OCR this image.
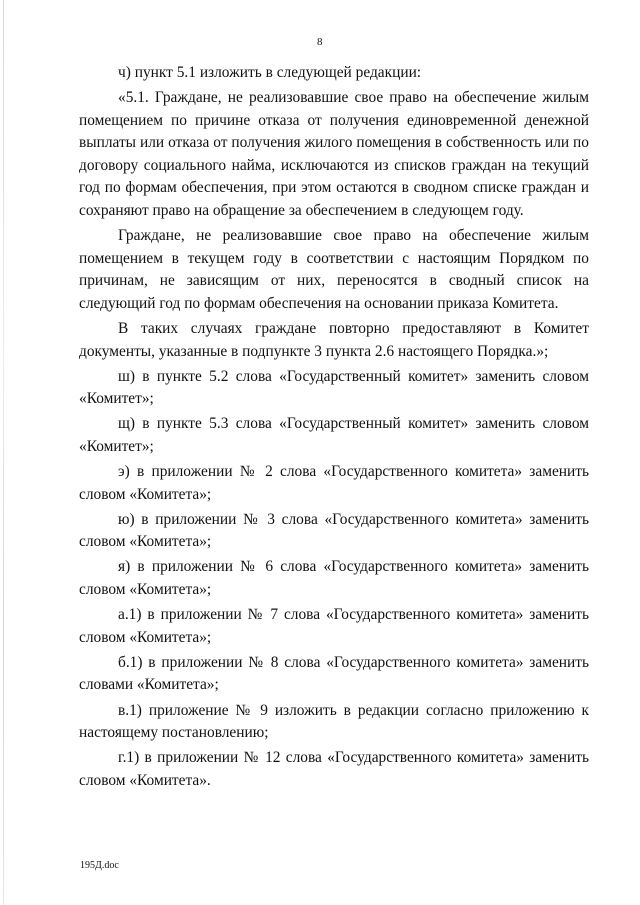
8

ч) пункт 5.1 изложить в следующей редакции:

«5.1. Граждане, не реализовавшие свое право на обеспечение жилым помещением по причине отказа от получения единовременной денежной выплаты или отказа от получения жилого помещения в собственность или по договору социального найма, исключаются из списков граждан на текущий год по формам обеспечения, при этом остаются в сводном списке граждан и сохраняют право на обращение за обеспечением в следующем году.

Граждане, не реализовавшие свое право на обеспечение жилым помещением в текущем году в соответствии с настоящим Порядком по причинам, не зависящим от них, переносятся в сводный список на следующий год по формам обеспечения на основании приказа Комитета.

В таких случаях граждане повторно предоставляют в Комитет документы, указанные в подпункте 3 пункта 2.6 настоящего Порядка.»;

ш) в пункте 5.2 слова «Государственный комитет» заменить словом «Комитет»;

щ) в пункте 5.3 слова «Государственный комитет» заменить словом «Комитет»;

э) в приложении № 2 слова «Государственного комитета» заменить словом «Комитета»;

ю) в приложении № 3 слова «Государственного комитета» заменить словом «Комитета»;

я) в приложении № 6 слова «Государственного комитета» заменить словом «Комитета»;

а.1) в приложении № 7 слова «Государственного комитета» заменить словом «Комитета»;

б.1) в приложении № 8 слова «Государственного комитета» заменить словами «Комитета»;

в.1) приложение № 9 изложить в редакции согласно приложению к настоящему постановлению;

г.1) в приложении № 12 слова «Государственного комитета» заменить словом «Комитета».

195Д.doc
